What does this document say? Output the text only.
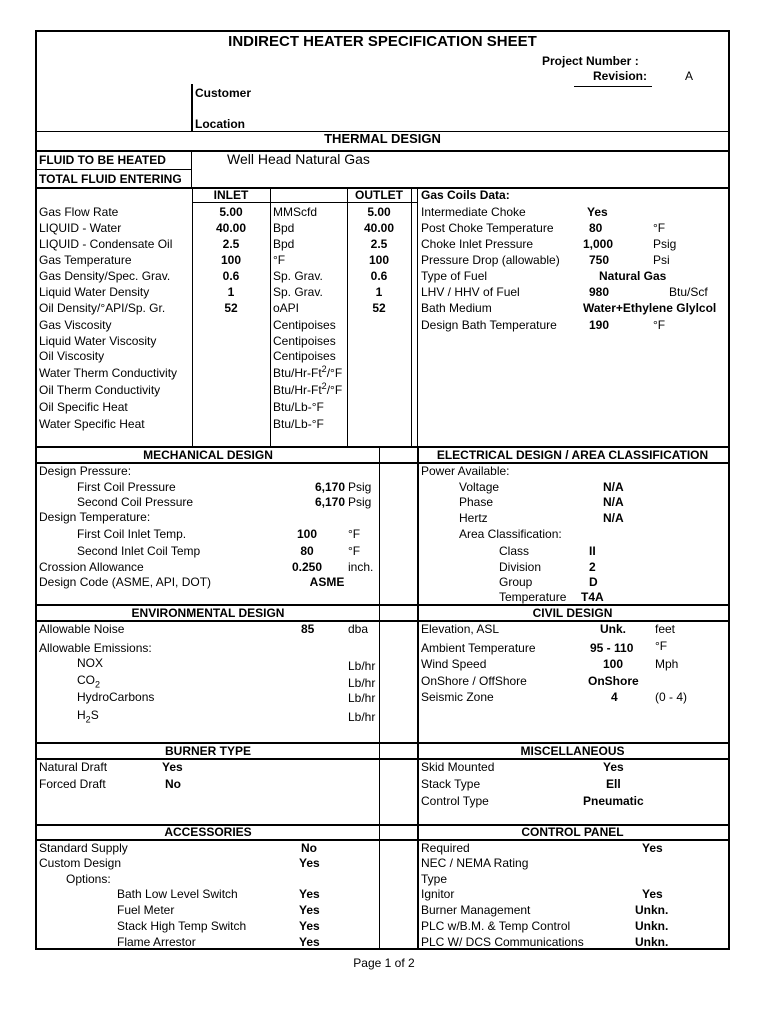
INDIRECT HEATER SPECIFICATION SHEET
Project Number :
Revision:	A
Customer
Location
THERMAL DESIGN
FLUID TO BE HEATED	Well Head Natural Gas
TOTAL FLUID ENTERING
INLET	OUTLET	Gas Coils Data:
Gas Flow Rate	5.00	MMScfd	5.00
LIQUID - Water	40.00	Bpd	40.00
LIQUID - Condensate Oil	2.5	Bpd	2.5
Gas Temperature	100	°F	100
Gas Density/Spec. Grav.	0.6	Sp. Grav.	0.6
Liquid Water Density	1	Sp. Grav.	1
Oil Density/°API/Sp. Gr.	52	oAPI	52
Gas Viscosity	Centipoises
Liquid Water Viscosity	Centipoises
Oil Viscosity	Centipoises
Water Therm Conductivity	Btu/Hr-Ft$^2$/°F
Oil Therm Conductivity	Btu/Hr-Ft$^2$/°F
Oil Specific Heat	Btu/Lb-°F
Water Specific Heat	Btu/Lb-°F
Intermediate Choke	Yes
Post Choke Temperature	80	°F
Choke Inlet Pressure	1,000	Psig
Pressure Drop (allowable) 750	Psi
Type of Fuel	Natural Gas
LHV / HHV of Fuel	980	Btu/Scf
Bath Medium	Water+Ethylene Glylcol
Design Bath Temperature	190	°F
MECHANICAL DESIGN	ELECTRICAL DESIGN / AREA CLASSIFICATION
Design Pressure:
First Coil Pressure	6,170 Psig
Second Coil Pressure	6,170 Psig
Design Temperature:
First Coil Inlet Temp.	100	°F
Second Inlet Coil Temp	80	°F
Crossion Allowance	0.250	inch.
Design Code (ASME, API, DOT)	ASME
Power Available:
Voltage	N/A
Phase	N/A
Hertz	N/A
Area Classification:
Class	II
Division	2
Group	D
Temperature T4A
ENVIRONMENTAL DESIGN	CIVIL DESIGN
Allowable Noise	85	dba
Allowable Emissions:
NOX	Lb/hr
$CO_2$	Lb/hr
HydroCarbons	Lb/hr
$H_2S$	Lb/hr
Elevation, ASL	Unk. feet
Ambient Temperature	95 - 110 °F
Wind Speed	100	Mph
OnShore / OffShore	OnShore
Seismic Zone	4	(0 - 4)
BURNER TYPE	MISCELLANEOUS
Natural Draft	Yes
Forced Draft	No
Skid Mounted	Yes
Stack Type	Ell
Control Type	Pneumatic
ACCESSORIES	CONTROL PANEL
Standard Supply	No
Custom Design	Yes
Options:
Bath Low Level Switch	Yes
Fuel Meter	Yes
Stack High Temp Switch	Yes
Flame Arrestor	Yes
Required	Yes
NEC / NEMA Rating
Type
Ignitor	Yes
Burner Management	Unkn.
PLC w/B.M. & Temp Control	Unkn.
PLC W/ DCS Communications	Unkn.
Page 1 of 2
